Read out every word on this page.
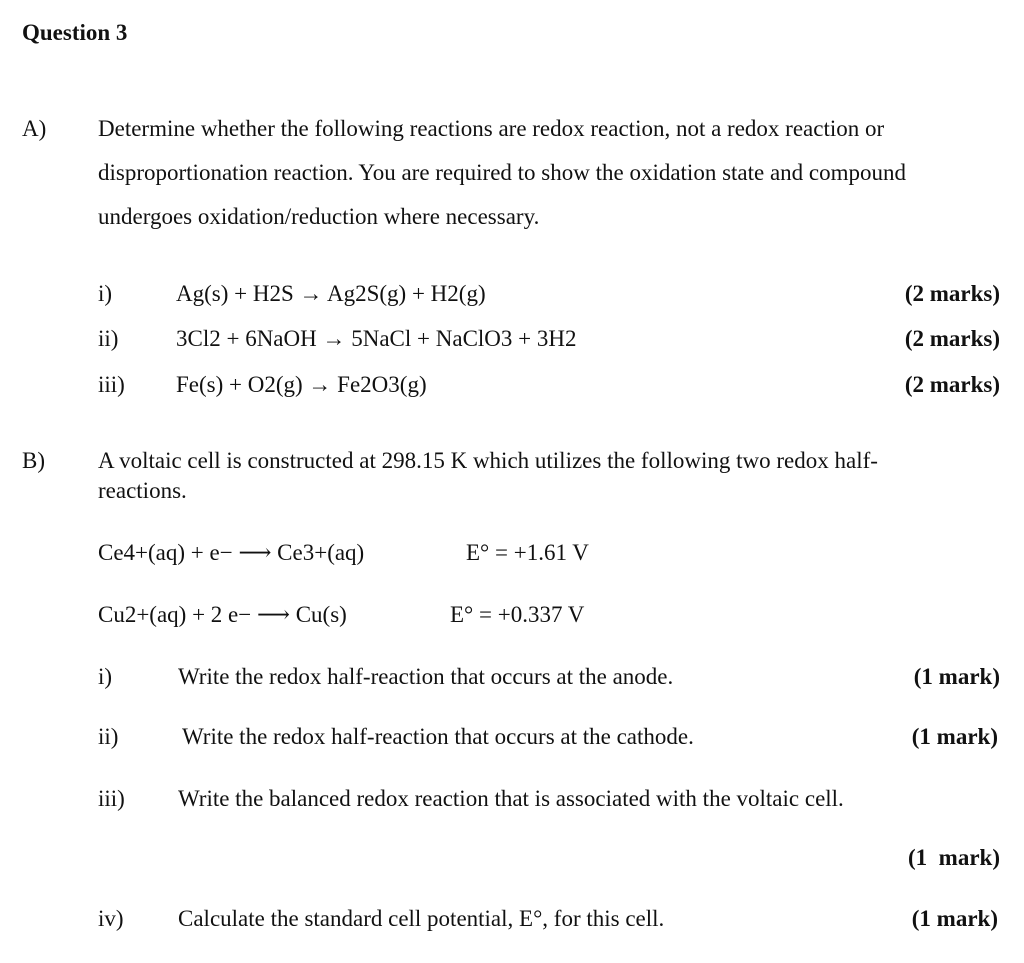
Question 3
A) Determine whether the following reactions are redox reaction, not a redox reaction or
disproportionation reaction. You are required to show the oxidation state and compound
undergoes oxidation/reduction where necessary.
i)	Ag(s) + H2S → Ag2S(g) + H2(g)	(2 marks)
ii)	3Cl2 + 6NaOH → 5NaCl + NaClO3 + 3H2	(2 marks)
iii) Fe(s) + O2(g) → Fe2O3(g)	(2 marks)
B) A voltaic cell is constructed at 298.15 K which utilizes the following two redox half-
reactions.
Ce4+(aq) + e− ⟶ Ce3+(aq)	E° = +1.61 V
Cu2+(aq) + 2 e− ⟶ Cu(s)	E° = +0.337 V
i)	Write the redox half-reaction that occurs at the anode.	(1 mark)
ii)	Write the redox half-reaction that occurs at the cathode.	(1 mark)
iii) Write the balanced redox reaction that is associated with the voltaic cell.
(1  mark)
iv) Calculate the standard cell potential, E°, for this cell.	(1 mark)
